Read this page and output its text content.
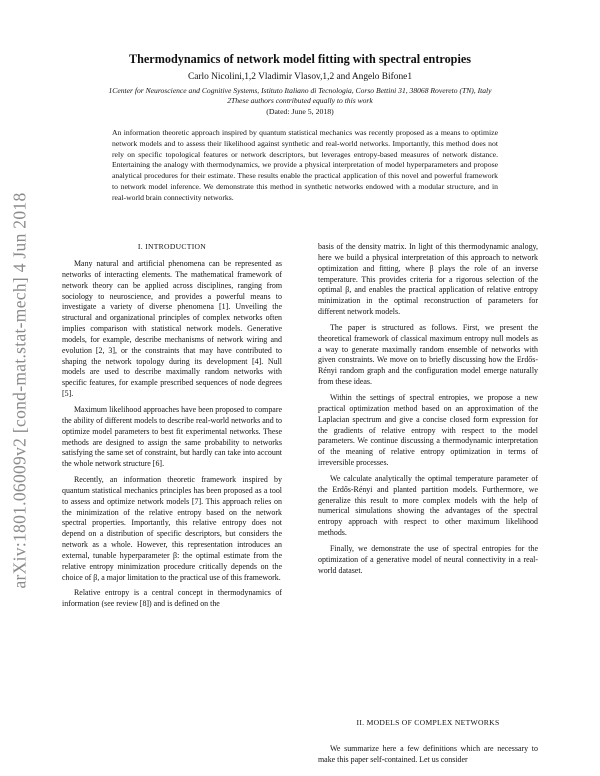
arXiv:1801.06009v2 [cond-mat.stat-mech] 4 Jun 2018
Thermodynamics of network model fitting with spectral entropies
Carlo Nicolini,1,2 Vladimir Vlasov,1,2 and Angelo Bifone1
1Center for Neuroscience and Cognitive Systems, Istituto Italiano di Tecnologia, Corso Bettini 31, 38068 Rovereto (TN), Italy
2These authors contributed equally to this work
(Dated: June 5, 2018)
An information theoretic approach inspired by quantum statistical mechanics was recently proposed as a means to optimize network models and to assess their likelihood against synthetic and real-world networks. Importantly, this method does not rely on specific topological features or network descriptors, but leverages entropy-based measures of network distance. Entertaining the analogy with thermodynamics, we provide a physical interpretation of model hyperparameters and propose analytical procedures for their estimate. These results enable the practical application of this novel and powerful framework to network model inference. We demonstrate this method in synthetic networks endowed with a modular structure, and in real-world brain connectivity networks.
I. INTRODUCTION

Many natural and artificial phenomena can be represented as networks of interacting elements. The mathematical framework of network theory can be applied across disciplines, ranging from sociology to neuroscience, and provides a powerful means to investigate a variety of diverse phenomena [1]. Unveiling the structural and organizational principles of complex networks often implies comparison with statistical network models. Generative models, for example, describe mechanisms of network wiring and evolution [2, 3], or the constraints that may have contributed to shaping the network topology during its development [4]. Null models are used to describe maximally random networks with specific features, for example prescribed sequences of node degrees [5].

Maximum likelihood approaches have been proposed to compare the ability of different models to describe real-world networks and to optimize model parameters to best fit experimental networks. These methods are designed to assign the same probability to networks satisfying the same set of constraint, but hardly can take into account the whole network structure [6].

Recently, an information theoretic framework inspired by quantum statistical mechanics principles has been proposed as a tool to assess and optimize network models [7]. This approach relies on the minimization of the relative entropy based on the network spectral properties. Importantly, this relative entropy does not depend on a distribution of specific descriptors, but considers the network as a whole. However, this representation introduces an external, tunable hyperparameter β: the optimal estimate from the relative entropy minimization procedure critically depends on the choice of β, a major limitation to the practical use of this framework.

Relative entropy is a central concept in thermodynamics of information (see review [8]) and is defined on the

basis of the density matrix. In light of this thermodynamic analogy, here we build a physical interpretation of this approach to network optimization and fitting, where β plays the role of an inverse temperature. This provides criteria for a rigorous selection of the optimal β, and enables the practical application of relative entropy minimization in the optimal reconstruction of parameters for different network models.

The paper is structured as follows. First, we present the theoretical framework of classical maximum entropy null models as a way to generate maximally random ensemble of networks with given constraints. We move on to briefly discussing how the Erdős-Rényi random graph and the configuration model emerge naturally from these ideas.

Within the settings of spectral entropies, we propose a new practical optimization method based on an approximation of the Laplacian spectrum and give a concise closed form expression for the gradients of relative entropy with respect to the model parameters. We continue discussing a thermodynamic interpretation of the meaning of relative entropy optimization in terms of irreversible processes.

We calculate analytically the optimal temperature parameter of the Erdős-Rényi and planted partition models. Furthermore, we generalize this result to more complex models with the help of numerical simulations showing the advantages of the spectral entropy approach with respect to other maximum likelihood methods.

Finally, we demonstrate the use of spectral entropies for the optimization of a generative model of neural connectivity in a real-world dataset.

II. MODELS OF COMPLEX NETWORKS
We summarize here a few definitions which are necessary to make this paper self-contained. Let us consider
